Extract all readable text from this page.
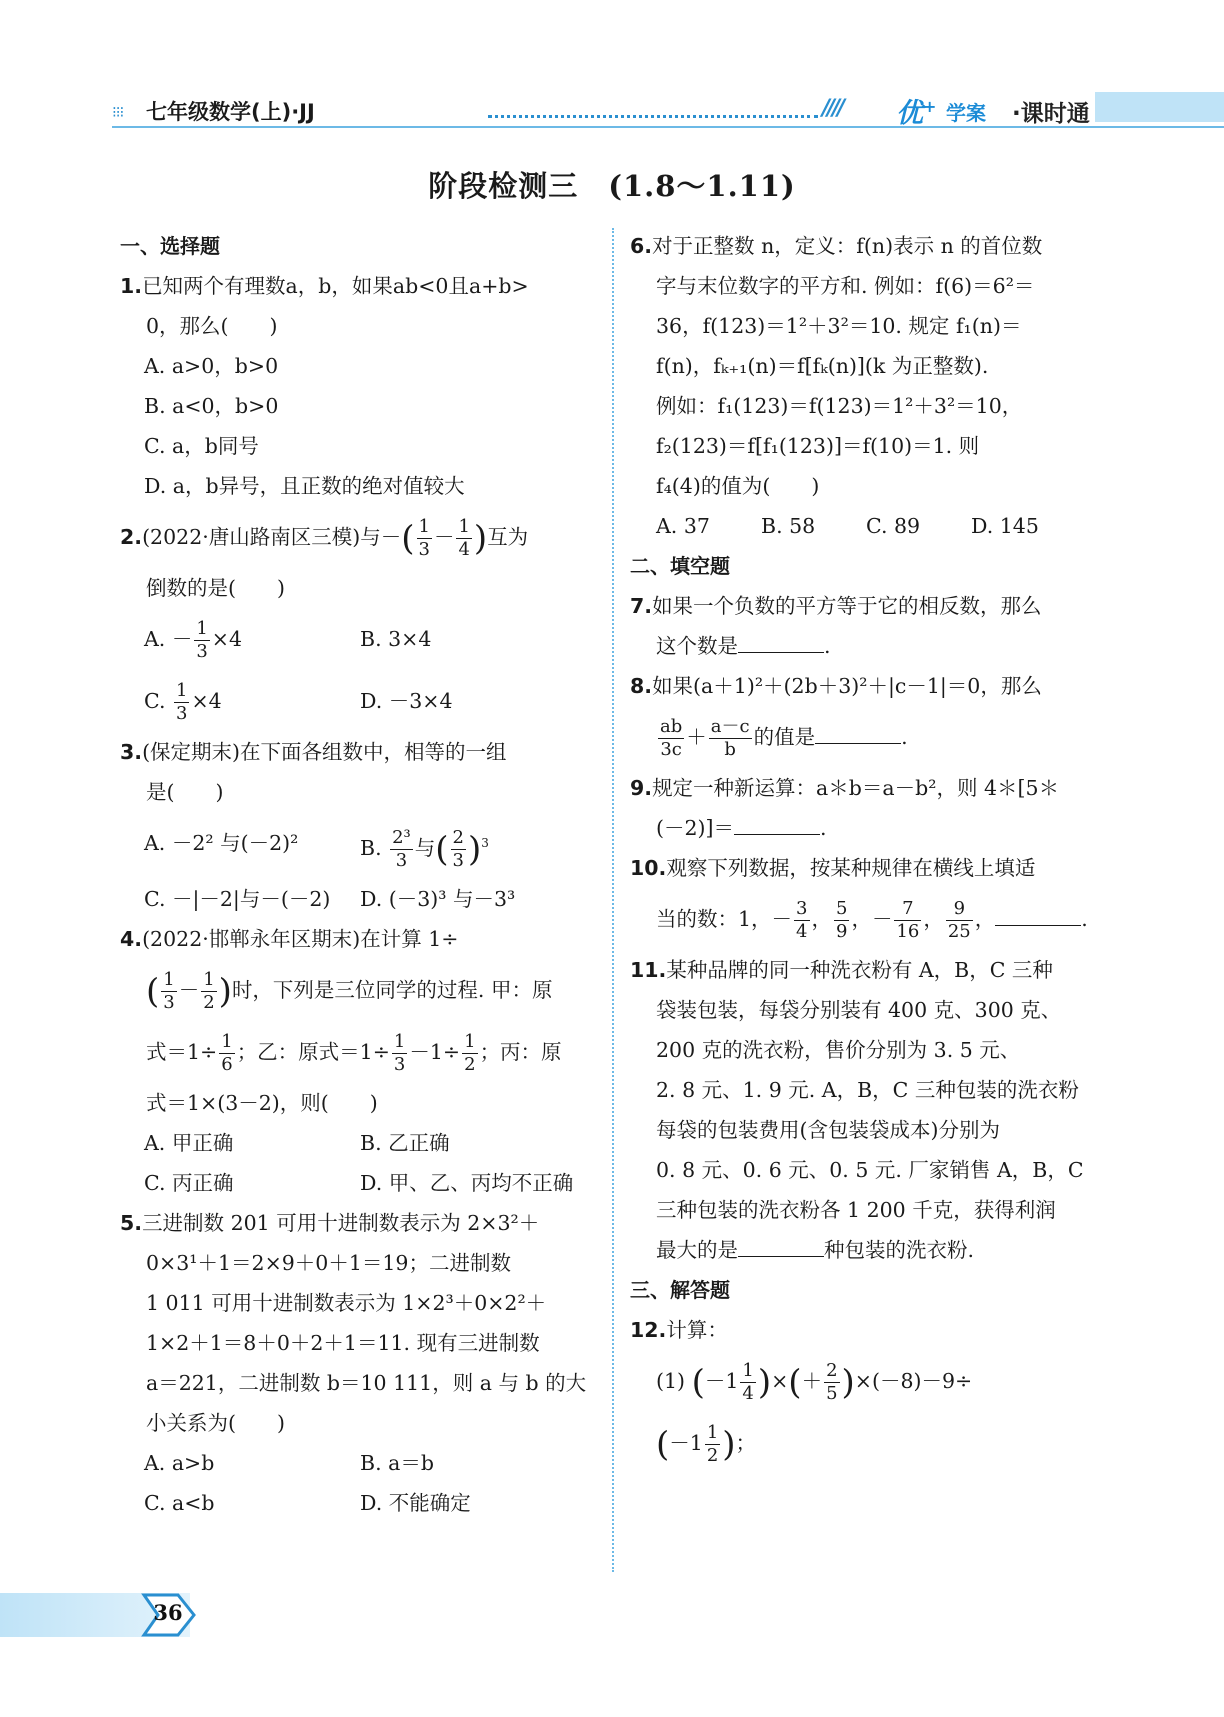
⁝⁝⁝ 七年级数学(上)·JJ	//// 优+ 学案 ·课时通
阶段检测三　(1.8～1.11)
一、选择题
1.已知两个有理数a，b，如果ab<0且a+b>
0，那么(　　)
A. a>0，b>0
B. a<0，b>0
C. a，b同号
D. a，b异号，且正数的绝对值较大
2.(2022·唐山路南区三模)与－( $\frac{1}{3} - \frac{1}{4}$ )互为
倒数的是(　　)
A. － $\frac{1}{3} \times 4$	B. 3×4
C. $\frac{1}{3} \times 4$	D. －3×4
3.(保定期末)在下面各组数中，相等的一组
是(　　)
A. －2² 与(－2)²	B. $\frac{\text{2³}}{3}$ 与( $\frac{2}{3} )^3$
C. －|－2|与－(－2)	D. (－3)³ 与－3³
4.(2022·邯郸永年区期末)在计算 1÷
( $\frac{1}{3} - \frac{1}{2}$ )时，下列是三位同学的过程. 甲：原
式$=1\div \frac{1}{6}$ ；乙：原式$=1\div \frac{1}{3} -1\div \frac{1}{2}$ ；丙：原
式＝1×(3－2)，则(　　)
A. 甲正确	B. 乙正确
C. 丙正确	D. 甲、乙、丙均不正确
5.三进制数 201 可用十进制数表示为 2×3²＋
0×3¹＋1＝2×9＋0＋1＝19；二进制数
1 011 可用十进制数表示为 1×2³＋0×2²＋
1×2＋1＝8＋0＋2＋1＝11. 现有三进制数
a＝221，二进制数 b＝10 111，则 a 与 b 的大
小关系为(　　)
A. a>b	B. a＝b
C. a<b	D. 不能确定
6.对于正整数 n，定义：f(n)表示 n 的首位数
字与末位数字的平方和. 例如：f(6)＝6²＝
36，f(123)＝1²＋3²＝10. 规定 f₁(n)＝
f(n)，fₖ₊₁(n)＝f[fₖ(n)](k 为正整数).
例如：f₁(123)＝f(123)＝1²＋3²＝10，
f₂(123)＝f[f₁(123)]＝f(10)＝1. 则
f₄(4)的值为(　　)
A. 37	B. 58	C. 89	D. 145
二、填空题
7.如果一个负数的平方等于它的相反数，那么
这个数是	.
8.如果(a＋1)²＋(2b＋3)²＋|c－1|＝0，那么
$\frac{ab}{3c} + \frac{a-c}{b}$ 的值是	.
9.规定一种新运算：a＊b＝a－b²，则 4＊[5＊
(－2)]＝	.
10.观察下列数据，按某种规律在横线上填适
当的数：1，－ $\frac{3}{4}$ ， $\frac{5}{9}$ ，－ $\frac{7}{16}$ ， $\frac{9}{25}$ ，	.
11.某种品牌的同一种洗衣粉有 A，B，C 三种
袋装包装，每袋分别装有 400 克、300 克、
200 克的洗衣粉，售价分别为 3. 5 元、
2. 8 元、1. 9 元. A，B，C 三种包装的洗衣粉
每袋的包装费用(含包装袋成本)分别为
0. 8 元、0. 6 元、0. 5 元. 厂家销售 A，B，C
三种包装的洗衣粉各 1 200 千克，获得利润
最大的是	种包装的洗衣粉.
三、解答题
12.计算：
(1) ($-1 \frac{1}{4}$ )×(＋ $\frac{2}{5} )\times(-8)-9\div$
($-1 \frac{1}{2}$ )；
36
